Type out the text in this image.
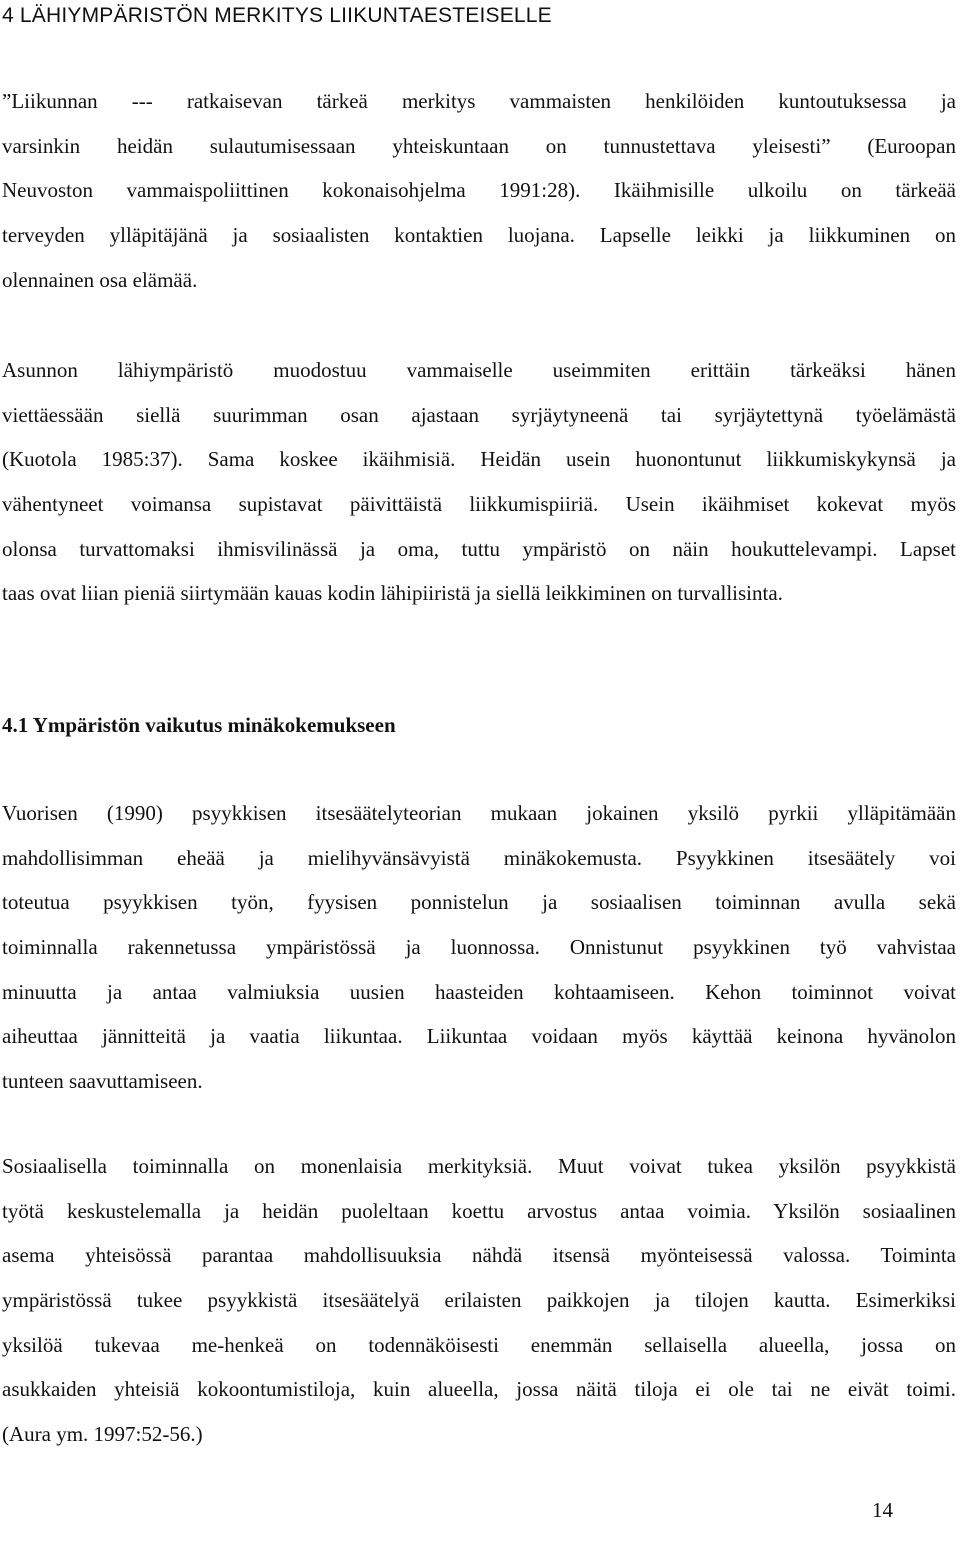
4 LÄHIYMPÄRISTÖN MERKITYS LIIKUNTAESTEISELLE
”Liikunnan --- ratkaisevan tärkeä merkitys vammaisten henkilöiden kuntoutuksessa ja
varsinkin heidän sulautumisessaan yhteiskuntaan on tunnustettava yleisesti” (Euroopan
Neuvoston vammaispoliittinen kokonaisohjelma 1991:28). Ikäihmisille ulkoilu on tärkeää
terveyden ylläpitäjänä ja sosiaalisten kontaktien luojana. Lapselle leikki ja liikkuminen on
olennainen osa elämää.
Asunnon lähiympäristö muodostuu vammaiselle useimmiten erittäin tärkeäksi hänen
viettäessään siellä suurimman osan ajastaan syrjäytyneenä tai syrjäytettynä työelämästä
(Kuotola 1985:37). Sama koskee ikäihmisiä. Heidän usein huonontunut liikkumiskykynsä ja
vähentyneet voimansa supistavat päivittäistä liikkumispiiriä. Usein ikäihmiset kokevat myös
olonsa turvattomaksi ihmisvilinässä ja oma, tuttu ympäristö on näin houkuttelevampi. Lapset
taas ovat liian pieniä siirtymään kauas kodin lähipiiristä ja siellä leikkiminen on turvallisinta.
4.1 Ympäristön vaikutus minäkokemukseen
Vuorisen (1990) psyykkisen itsesäätelyteorian mukaan jokainen yksilö pyrkii ylläpitämään
mahdollisimman eheää ja mielihyvänsävyistä minäkokemusta. Psyykkinen itsesäätely voi
toteutua psyykkisen työn, fyysisen ponnistelun ja sosiaalisen toiminnan avulla sekä
toiminnalla rakennetussa ympäristössä ja luonnossa. Onnistunut psyykkinen työ vahvistaa
minuutta ja antaa valmiuksia uusien haasteiden kohtaamiseen. Kehon toiminnot voivat
aiheuttaa jännitteitä ja vaatia liikuntaa. Liikuntaa voidaan myös käyttää keinona hyvänolon
tunteen saavuttamiseen.
Sosiaalisella toiminnalla on monenlaisia merkityksiä. Muut voivat tukea yksilön psyykkistä
työtä keskustelemalla ja heidän puoleltaan koettu arvostus antaa voimia. Yksilön sosiaalinen
asema yhteisössä parantaa mahdollisuuksia nähdä itsensä myönteisessä valossa. Toiminta
ympäristössä tukee psyykkistä itsesäätelyä erilaisten paikkojen ja tilojen kautta. Esimerkiksi
yksilöä tukevaa me-henkeä on todennäköisesti enemmän sellaisella alueella, jossa on
asukkaiden yhteisiä kokoontumistiloja, kuin alueella, jossa näitä tiloja ei ole tai ne eivät toimi.
(Aura ym. 1997:52-56.)
14
